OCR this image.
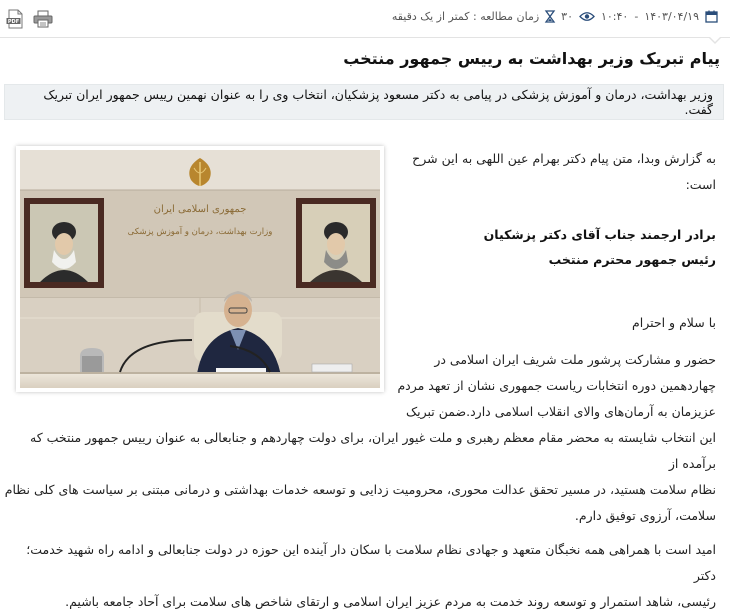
۱۴۰۳/۰۴/۱۹
-
۱۰:۴۰
۳۰
زمان مطالعه : کمتر از یک دقیقه
PDF
پیام تبریک وزیر بهداشت به رییس جمهور منتخب
وزیر بهداشت، درمان و آموزش پزشکی در پیامی به دکتر مسعود پزشکیان، انتخاب وی را به عنوان نهمین رییس جمهور ایران تبریک گفت.
جمهوری اسلامی ایران
وزارت بهداشت، درمان و آموزش پزشکی
به گزارش وبدا، متن پیام دکتر بهرام عین اللهی به این شرح
است:
برادر ارجمند جناب آقای دکتر پزشکیان
رئیس جمهور محترم منتخب
با سلام و احترام
حضور و مشارکت پرشور ملت شریف ایران اسلامی در
چهاردهمین دوره انتخابات ریاست جمهوری نشان از تعهد مردم
عزیزمان به آرمان‌های والای انقلاب اسلامی دارد.ضمن تبریک
این انتخاب شایسته به محضر مقام معظم رهبری و ملت غیور ایران، برای دولت چهاردهم و جنابعالی به عنوان رییس جمهور منتخب که برآمده از
نظام سلامت هستید، در مسیر تحقق عدالت محوری، محرومیت زدایی و توسعه خدمات بهداشتی و درمانی مبتنی بر سیاست های کلی نظام
سلامت، آرزوی توفیق دارم.
امید است با همراهی همه نخبگان متعهد و جهادی نظام سلامت با سکان دار آینده این حوزه در دولت جنابعالی و ادامه راه شهید خدمت؛ دکتر
رئیسی، شاهد استمرار و توسعه روند خدمت به مردم عزیز ایران اسلامی و ارتقای شاخص های سلامت برای آحاد جامعه باشیم.
